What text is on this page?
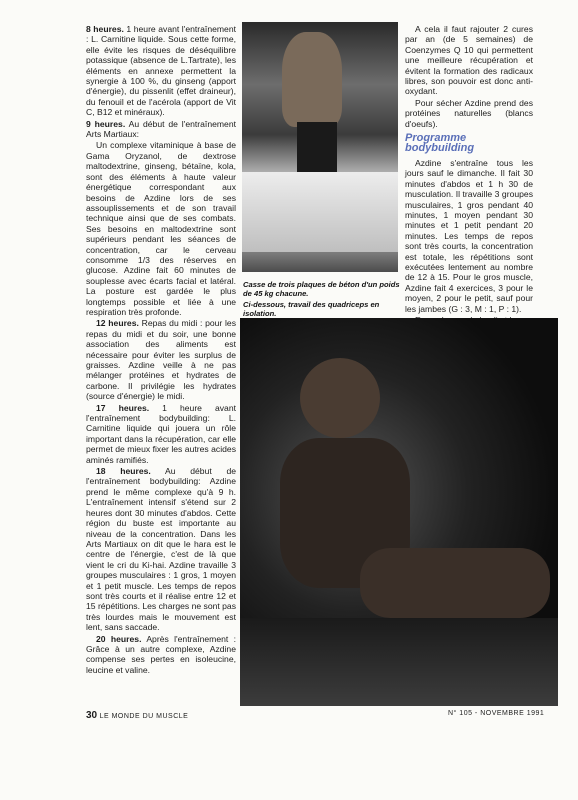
8 heures. 1 heure avant l'entraînement : L. Carnitine liquide. Sous cette forme, elle évite les risques de déséquilibre potassique (absence de L.Tartrate), les éléments en annexe permettent la synergie à 100 %, du ginseng (apport d'énergie), du pissenlit (effet draineur), du fenouil et de l'acérola (apport de Vit C, B12 et minéraux).

9 heures. Au début de l'entraînement Arts Martiaux:

Un complexe vitaminique à base de Gama Oryzanol, de dextrose maltodextrine, ginseng, bétaïne, kola, sont des éléments à haute valeur énergétique correspondant aux besoins de Azdine lors de ses assouplissements et de son travail technique ainsi que de ses combats. Ses besoins en maltodextrine sont supérieurs pendant les séances de concentration, car le cerveau consomme 1/3 des réserves en glucose. Azdine fait 60 minutes de souplesse avec écarts facial et latéral. La posture est gardée le plus longtemps possible et liée à une respiration très profonde.

12 heures. Repas du midi : pour les repas du midi et du soir, une bonne association des aliments est nécessaire pour éviter les surplus de graisses. Azdine veille à ne pas mélanger protéines et hydrates de carbone. Il privilégie les hydrates (source d'énergie) le midi.

17 heures. 1 heure avant l'entraînement bodybuilding: L. Carnitine liquide qui jouera un rôle important dans la récupération, car elle permet de mieux fixer les autres acides aminés ramifiés.

18 heures. Au début de l'entraînement bodybuilding: Azdine prend le même complexe qu'à 9 h. L'entraînement intensif s'étend sur 2 heures dont 30 minutes d'abdos. Cette région du buste est importante au niveau de la concentration. Dans les Arts Martiaux on dit que le hara est le centre de l'énergie, c'est de là que vient le cri du Ki-hai. Azdine travaille 3 groupes musculaires : 1 gros, 1 moyen et 1 petit muscle. Les temps de repos sont très courts et il réalise entre 12 et 15 répétitions. Les charges ne sont pas très lourdes mais le mouvement est lent, sans saccade.

20 heures. Après l'entraînement : Grâce à un autre complexe, Azdine compense ses pertes en isoleucine, leucine et valine.

Casse de trois plaques de béton d'un poids de 45 kg chacune.
Ci-dessous, travail des quadriceps en isolation.

A cela il faut rajouter 2 cures par an (de 5 semaines) de Coenzymes Q 10 qui permettent une meilleure récupération et évitent la formation des radicaux libres, son pouvoir est donc anti-oxydant.

Pour sécher Azdine prend des protéines naturelles (blancs d'oeufs).

Programme bodybuilding

Azdine s'entraîne tous les jours sauf le dimanche. Il fait 30 minutes d'abdos et 1 h 30 de musculation. Il travaille 3 groupes musculaires, 1 gros pendant 40 minutes, 1 moyen pendant 30 minutes et 1 petit pendant 20 minutes. Les temps de repos sont très courts, la concentration est totale, les répétitions sont exécutées lentement au nombre de 12 à 15. Pour le gros muscle, Azdine fait 4 exercices, 3 pour le moyen, 2 pour le petit, sauf pour les jambes (G : 3, M : 1, P : 1).

30 LE MONDE DU MUSCLE	N° 105 - NOVEMBRE 1991
